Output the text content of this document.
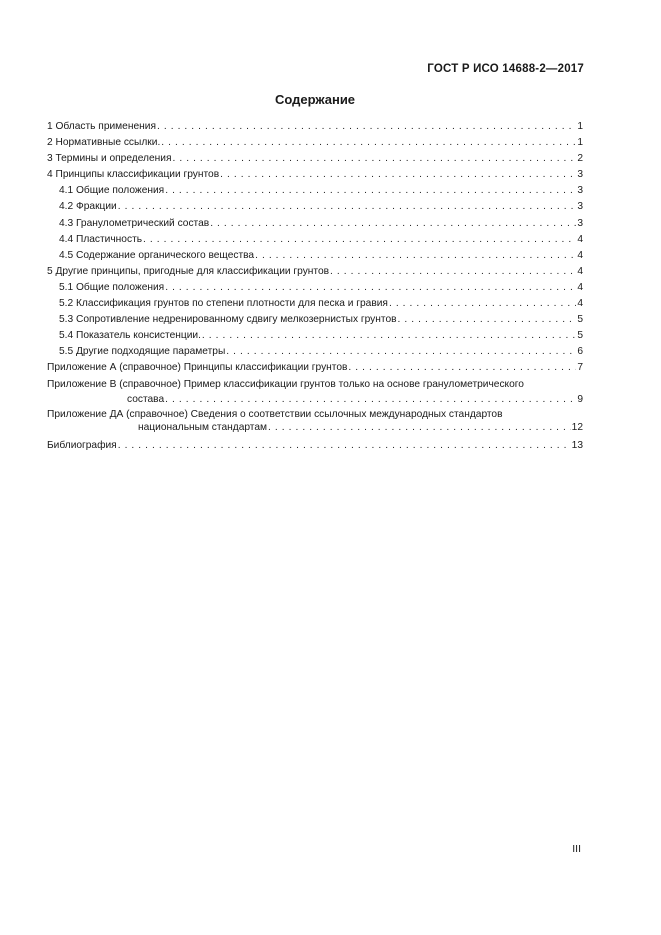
ГОСТ Р ИСО 14688-2—2017
Содержание
1 Область применения . . .	1
2 Нормативные ссылки. . . .	1
3 Термины и определения . . .	2
4 Принципы классификации грунтов . . .	3
4.1 Общие положения . . .	3
4.2 Фракции . . .	3
4.3 Гранулометрический состав . . .	3
4.4 Пластичность . . .	4
4.5 Содержание органического вещества . . .	4
5 Другие принципы, пригодные для классификации грунтов . . .	4
5.1 Общие положения . . .	4
5.2 Классификация грунтов по степени плотности для песка и гравия . . .	4
5.3 Сопротивление недренированному сдвигу мелкозернистых грунтов . . .	5
5.4 Показатель консистенции. . . .	5
5.5 Другие подходящие параметры . . .	6
Приложение А (справочное) Принципы классификации грунтов . . .	7
Приложение В (справочное) Пример классификации грунтов только на основе гранулометрического
состава . . .	9
Приложение ДА (справочное) Сведения о соответствии ссылочных международных стандартов
национальным стандартам . . .	12
Библиография . . .	13
III
